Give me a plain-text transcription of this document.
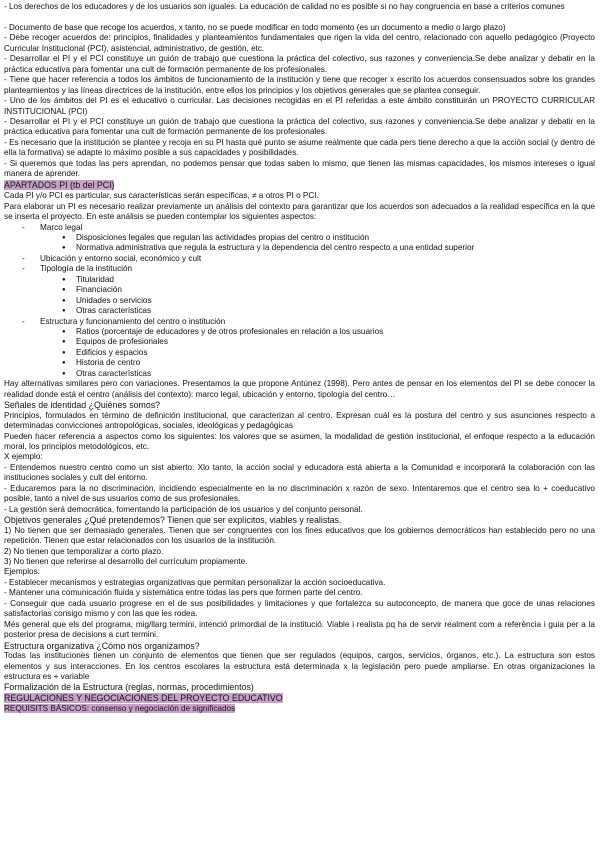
- Los derechos de los educadores y de los usuarios son iguales. La educación de calidad no es posible si no hay congruencia en base a criterios comunes

- Documento de base que recoge los acuerdos, x tanto, no se puede modificar en todo momento (es un documento a medio o largo plazo)

- Debe recoger acuerdos de: principios, finalidades y planteamientos fundamentales que rigen la vida del centro, relacionado con aquello pedagógico (Proyecto Curricular Institucional (PCI), asistencial, administrativo, de gestión, etc.

- Desarrollar el PI y el PCI constituye un guión de trabajo que cuestiona la práctica del colectivo, sus razones y conveniencia.Se debe analizar y debatir en la práctica educativa para fomentar una cult de formación permanente de los profesionales.

- Tiene que hacer referencia a todos los ámbitos de funcionamiento de la institución y tiene que recoger x escrito los acuerdos consensuados sobre los grandes planteamientos y las líneas directrices de la institución, entre ellos los principios y los objetivos generales que se plantea conseguir.

- Uno de los ámbitos del PI es el educativo o curricular. Las decisiones recogidas en el PI referidas a este ámbito constituirán un PROYECTO CURRICULAR INSTITUCIONAL (PCI)

- Desarrollar el PI y el PCI constituye un guión de trabajo que cuestiona la práctica del colectivo, sus razones y conveniencia.Se debe analizar y debatir en la práctica educativa para fomentar una cult de formación permanente de los profesionales.

- Es necesario que la institución se plantee y recoja en su PI hasta qué punto se asume realmente que cada pers tiene derecho a que la acción social (y dentro de ella la formativa) se adapte lo máximo posible a sus capacidades y posibilidades.

- Si queremos que todas las pers aprendan, no podemos pensar que todas saben lo mismo, que tienen las mismas capacidades, los mismos intereses o igual manera de aprender.

APARTADOS PI (tb del PCI)

Cada PI y/o PCI es particular, sus características serán específicas, ≠ a otros PI o PCI.

Para elaborar un PI es necesario realizar previamente un análisis del contexto para garantizar que los acuerdos son adecuados a la realidad específica en la que se inserta el proyecto. En este análisis se pueden contemplar los siguientes aspectos:

- Marco legal
● Disposiciones legales que regulan las actividades propias del centro o institución
● Normativa administrativa que regula la estructura y la dependencia del centro respecto a una entidad superior
- Ubicación y entorno social, económico y cult
- Tipología de la institución
● Titularidad
● Financiación
● Unidades o servicios
● Otras características
- Estructura y funcionamiento del centro o institución
● Ratios (porcentaje de educadores y de otros profesionales en relación a los usuarios
● Equipos de profesionales
● Edificios y espacios
● Historia de centro
● Otras características

Hay alternativas similares pero con variaciones. Presentamos la que propone Antúnez (1998). Pero antes de pensar en los elementos del PI se debe conocer la realidad donde está el centro (análisis del contexto): marco legal, ubicación y entorno, tipología del centro…

Señales de identidad ¿Quiénes somos?

Principios, formulados en término de definición institucional, que caracterizan al centro. Expresan cuál es la postura del centro y sus asunciones respecto a determinadas convicciones antropológicas, sociales, ideológicas y pedagógicas

Pueden hacer referencia a aspectos como los siguientes: los valores que se asumen, la modalidad de gestión institucional, el enfoque respecto a la educación moral, los principios metodológicos, etc.

X ejemplo:

- Entendemos nuestro centro como un sist abierto. Xlo tanto, la acción social y educadora está abierta a la Comunidad e incorporará la colaboración con las instituciones sociales y cult del entorno.

- Educaremos para la no discriminación, incidiendo especialmente en la no discriminación x razón de sexo. Intentaremos que el centro sea lo + coeducativo posible, tanto a nivel de sus usuarios como de sus profesionales.

- La gestión será democrática, fomentando la participación de los usuarios y del conjunto personal.

Objetivos generales ¿Qué pretendemos? Tienen que ser explícitos, viables y realistas.

1) No tienen que ser demasiado generales. Tienen que ser congruentes con los fines educativos que los gobiernos democráticos han establecido pero no una repetición. Tienen que estar relacionados con los usuarios de la institución.

2) No tienen que temporalizar a corto plazo.

3) No tienen que referirse al desarrollo del currículum propiamente.

Ejemplos:

- Establecer mecanismos y estrategias organizativas que permitan personalizar la acción socioeducativa.

- Mantener una comunicación fluida y sistemática entre todas las pers que formen parte del centro.

- Conseguir que cada usuario progrese en el de sus posibilidades y limitaciones y que fortalezca su autoconcepto, de manera que goce de unas relaciones satisfactorias consigo mismo y con las que les rodea.

Més general que els del programa, mig/llarg termini, intenció primordial de la institució. Viable i realista pq ha de servir realment com a referència i guia per a la posterior presa de decisions a curt termini.

Estructura organizativa ¿Cómo nos organizamos?

Todas las instituciones tienen un conjunto de elementos que tienen que ser regulados (equipos, cargos, servicios, órganos, etc.). La estructura son estos elementos y sus interacciones. En los centros escolares la estructura está determinada x la legislación pero puede ampliarse. En otras organizaciones la estructura es + variable

Formalización de la Estructura (reglas, normas, procedimientos)

REGULACIONES Y NEGOCIACIONES DEL PROYECTO EDUCATIVO

REQUISITS BÁSICOS: consenso y negociación de significados
